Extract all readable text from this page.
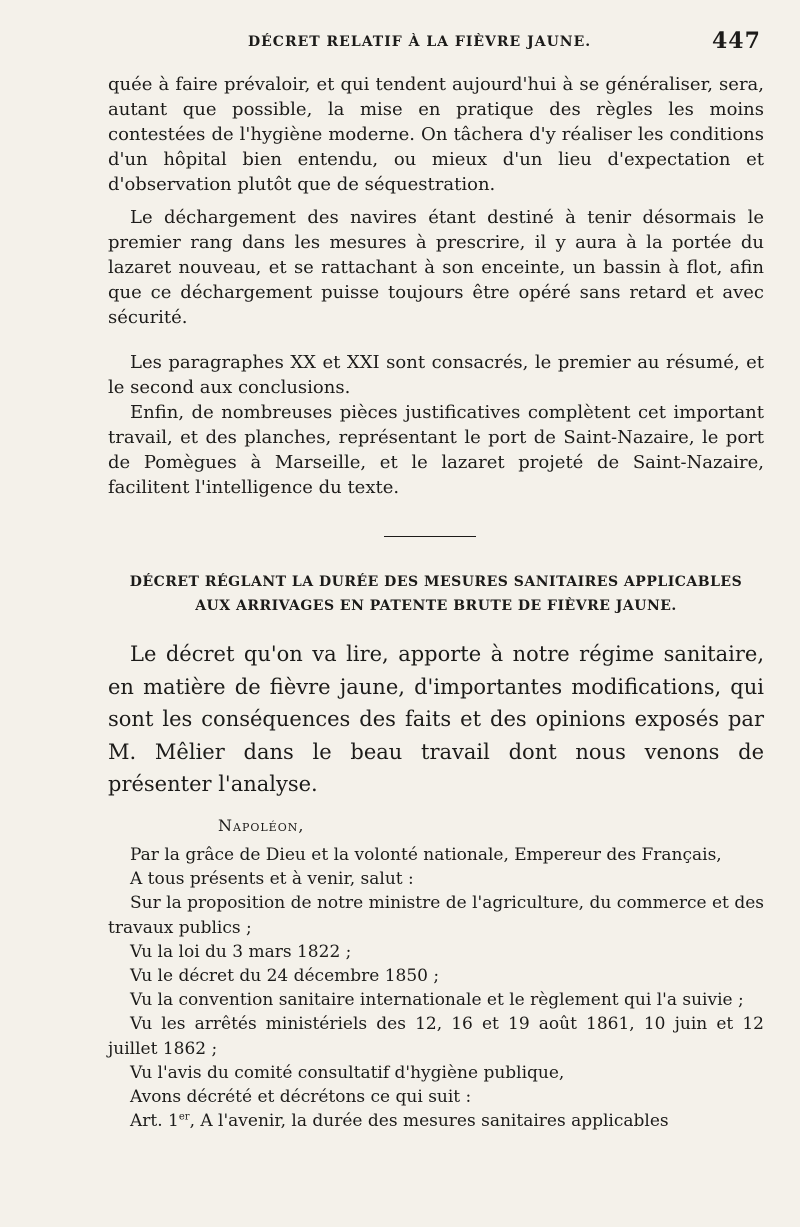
DÉCRET RELATIF À LA FIÈVRE JAUNE.	447

quée à faire prévaloir, et qui tendent aujourd'hui à se généraliser, sera, autant que possible, la mise en pratique des règles les moins contestées de l'hygiène moderne. On tâchera d'y réaliser les conditions d'un hôpital bien entendu, ou mieux d'un lieu d'expectation et d'observation plutôt que de séquestration.

Le déchargement des navires étant destiné à tenir désormais le premier rang dans les mesures à prescrire, il y aura à la portée du lazaret nouveau, et se rattachant à son enceinte, un bassin à flot, afin que ce déchargement puisse toujours être opéré sans retard et avec sécurité.

Les paragraphes XX et XXI sont consacrés, le premier au résumé, et le second aux conclusions.

Enfin, de nombreuses pièces justificatives complètent cet important travail, et des planches, représentant le port de Saint-Nazaire, le port de Pomègues à Marseille, et le lazaret projeté de Saint-Nazaire, facilitent l'intelligence du texte.

DÉCRET RÉGLANT LA DURÉE DES MESURES SANITAIRES APPLICABLES
AUX ARRIVAGES EN PATENTE BRUTE DE FIÈVRE JAUNE.

Le décret qu'on va lire, apporte à notre régime sanitaire, en matière de fièvre jaune, d'importantes modifications, qui sont les conséquences des faits et des opinions exposés par M. Mêlier dans le beau travail dont nous venons de présenter l'analyse.

Napoléon,

Par la grâce de Dieu et la volonté nationale, Empereur des Français,

A tous présents et à venir, salut :

Sur la proposition de notre ministre de l'agriculture, du commerce et des travaux publics ;

Vu la loi du 3 mars 1822 ;

Vu le décret du 24 décembre 1850 ;

Vu la convention sanitaire internationale et le règlement qui l'a suivie ;

Vu les arrêtés ministériels des 12, 16 et 19 août 1861, 10 juin et 12 juillet 1862 ;

Vu l'avis du comité consultatif d'hygiène publique,

Avons décrété et décrétons ce qui suit :

Art. 1er, A l'avenir, la durée des mesures sanitaires applicables
